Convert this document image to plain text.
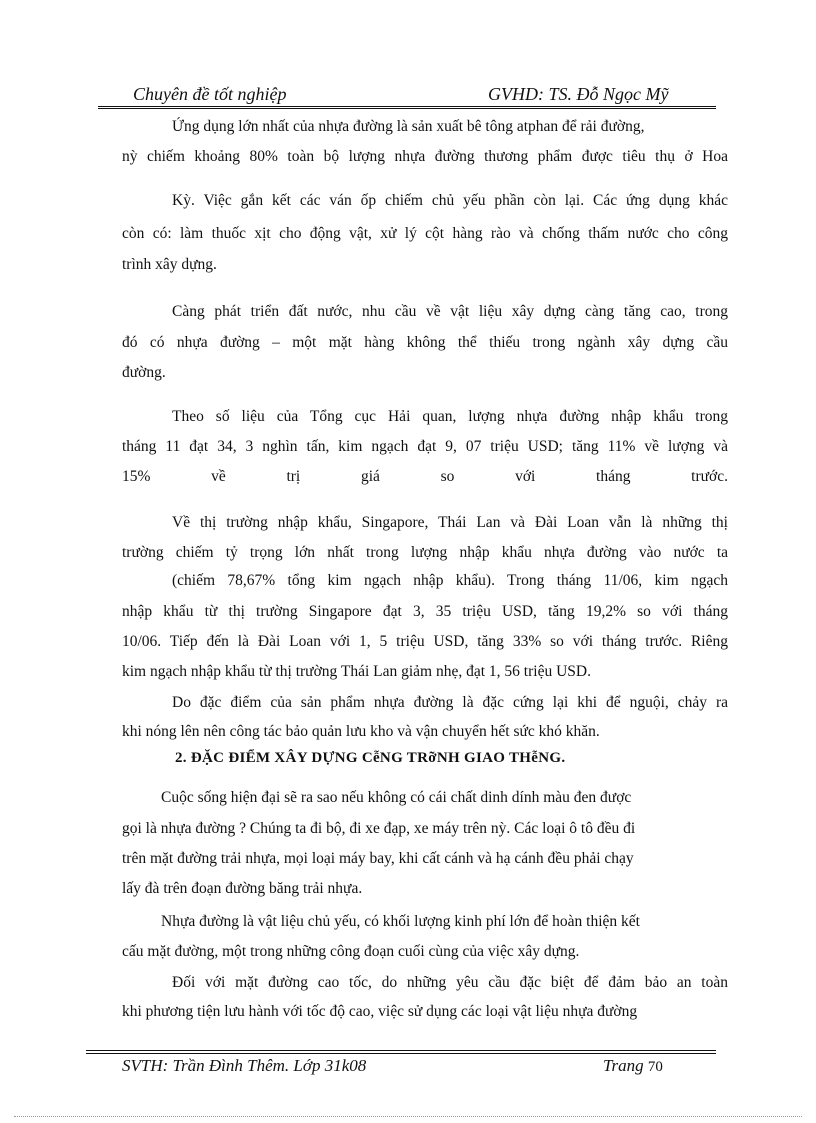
Chuyên đề tốt nghiệp	GVHD: TS. Đỗ Ngọc Mỹ
Ứng dụng lớn nhất của nhựa đường là sản xuất bê tông atphan để rải đường,
nỳ chiếm khoảng 80% toàn bộ lượng nhựa đường thương phẩm được tiêu thụ ở Hoa
Kỳ. Việc gắn kết các ván ốp chiếm chủ yếu phần còn lại. Các ứng dụng khác
còn có: làm thuốc xịt cho động vật, xử lý cột hàng rào và chống thấm nước cho công
trình xây dựng.
Càng phát triển đất nước, nhu cầu về vật liệu xây dựng càng tăng cao, trong
đó có nhựa đường – một mặt hàng không thể thiếu trong ngành xây dựng cầu
đường.
Theo số liệu của Tổng cục Hải quan, lượng nhựa đường nhập khẩu trong
tháng 11 đạt 34, 3 nghìn tấn, kim ngạch đạt 9, 07 triệu USD; tăng 11% về lượng và
15% về trị giá so với tháng trước.
Về thị trường nhập khẩu, Singapore, Thái Lan và Đài Loan vẫn là những thị
trường chiếm tỷ trọng lớn nhất trong lượng nhập khẩu nhựa đường vào nước ta
(chiếm 78,67% tổng kim ngạch nhập khẩu). Trong tháng 11/06, kim ngạch
nhập khẩu từ thị trường Singapore đạt 3, 35 triệu USD, tăng 19,2% so với tháng
10/06. Tiếp đến là Đài Loan với 1, 5 triệu USD, tăng 33% so với tháng trước. Riêng
kim ngạch nhập khẩu từ thị trường Thái Lan giảm nhẹ, đạt 1, 56 triệu USD.
Do đặc điểm của sản phẩm nhựa đường là đặc cứng lại khi để nguội, chảy ra
khi nóng lên nên công tác bảo quản lưu kho và vận chuyển hết sức khó khăn.
2. ĐẶC ĐIỂM XÂY DỰNG CễNG TRỡNH GIAO THễNG.
Cuộc sống hiện đại sẽ ra sao nếu không có cái chất dinh dính màu đen được
gọi là nhựa đường ? Chúng ta đi bộ, đi xe đạp, xe máy trên nỳ. Các loại ô tô đều đi
trên mặt đường trải nhựa, mọi loại máy bay, khi cất cánh và hạ cánh đều phải chạy
lấy đà trên đoạn đường băng trải nhựa.
Nhựa đường là vật liệu chủ yếu, có khối lượng kinh phí lớn để hoàn thiện kết
cấu mặt đường, một trong những công đoạn cuối cùng của việc xây dựng.
Đối với mặt đường cao tốc, do những yêu cầu đặc biệt để đảm bảo an toàn
khi phương tiện lưu hành với tốc độ cao, việc sử dụng các loại vật liệu nhựa đường
SVTH: Trần Đình Thêm. Lớp 31k08	Trang 70
